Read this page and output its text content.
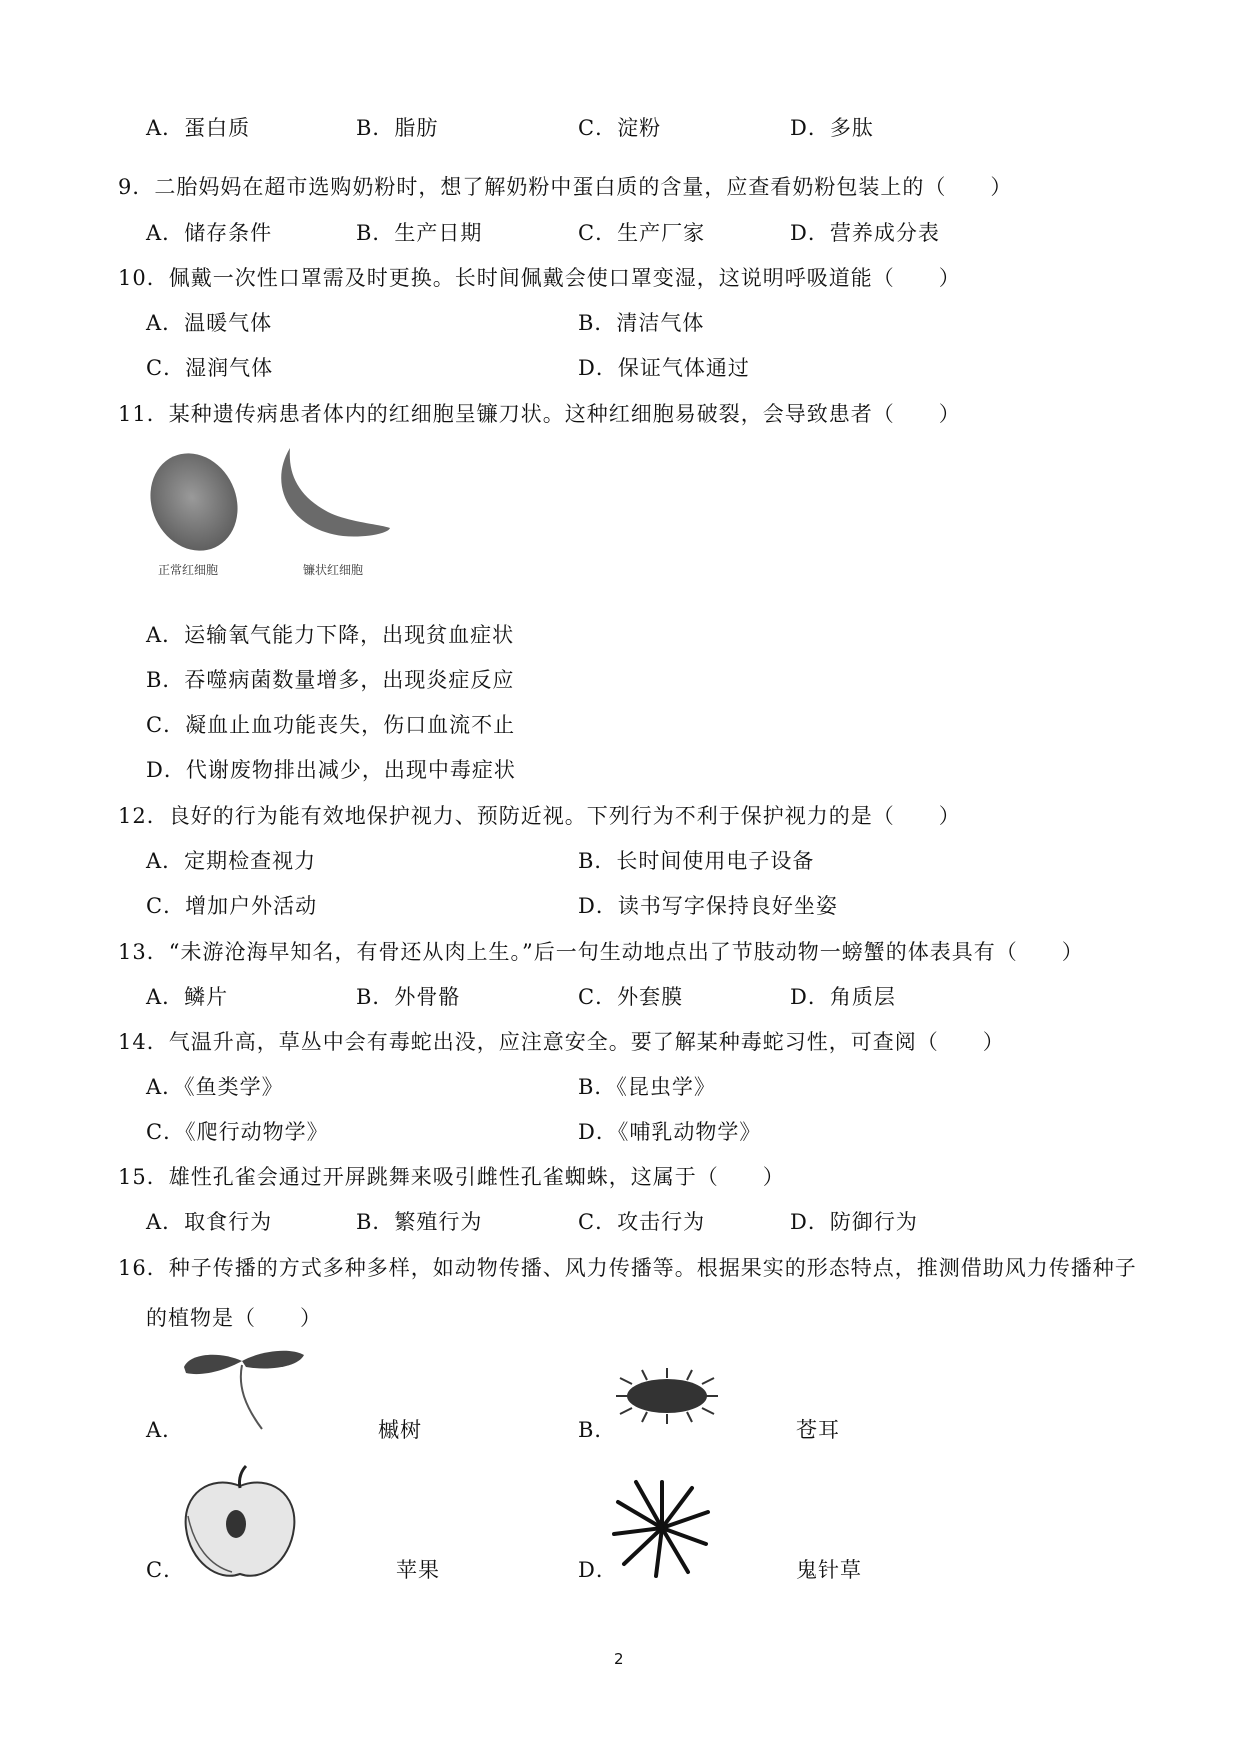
A．蛋白质	B．脂肪	C．淀粉	D．多肽
9．二胎妈妈在超市选购奶粉时，想了解奶粉中蛋白质的含量，应查看奶粉包装上的（　　）
A．储存条件	B．生产日期	C．生产厂家	D．营养成分表
10．佩戴一次性口罩需及时更换。长时间佩戴会使口罩变湿，这说明呼吸道能（　　）
A．温暖气体	B．清洁气体
C．湿润气体	D．保证气体通过
11．某种遗传病患者体内的红细胞呈镰刀状。这种红细胞易破裂，会导致患者（　　）
正常红细胞	镰状红细胞
A．运输氧气能力下降，出现贫血症状
B．吞噬病菌数量增多，出现炎症反应
C．凝血止血功能丧失，伤口血流不止
D．代谢废物排出减少，出现中毒症状
12．良好的行为能有效地保护视力、预防近视。下列行为不利于保护视力的是（　　）
A．定期检查视力	B．长时间使用电子设备
C．增加户外活动	D．读书写字保持良好坐姿
13．“未游沧海早知名，有骨还从肉上生。”后一句生动地点出了节肢动物一螃蟹的体表具有（　　）
A．鳞片	B．外骨骼	C．外套膜	D．角质层
14．气温升高，草丛中会有毒蛇出没，应注意安全。要了解某种毒蛇习性，可查阅（　　）
A．《鱼类学》	B．《昆虫学》
C．《爬行动物学》	D．《哺乳动物学》
15．雄性孔雀会通过开屏跳舞来吸引雌性孔雀蜘蛛，这属于（　　）
A．取食行为	B．繁殖行为	C．攻击行为	D．防御行为
16．种子传播的方式多种多样，如动物传播、风力传播等。根据果实的形态特点，推测借助风力传播种子
的植物是（　　）
A．	槭树	B．	苍耳
C．	苹果	D．	鬼针草
2
